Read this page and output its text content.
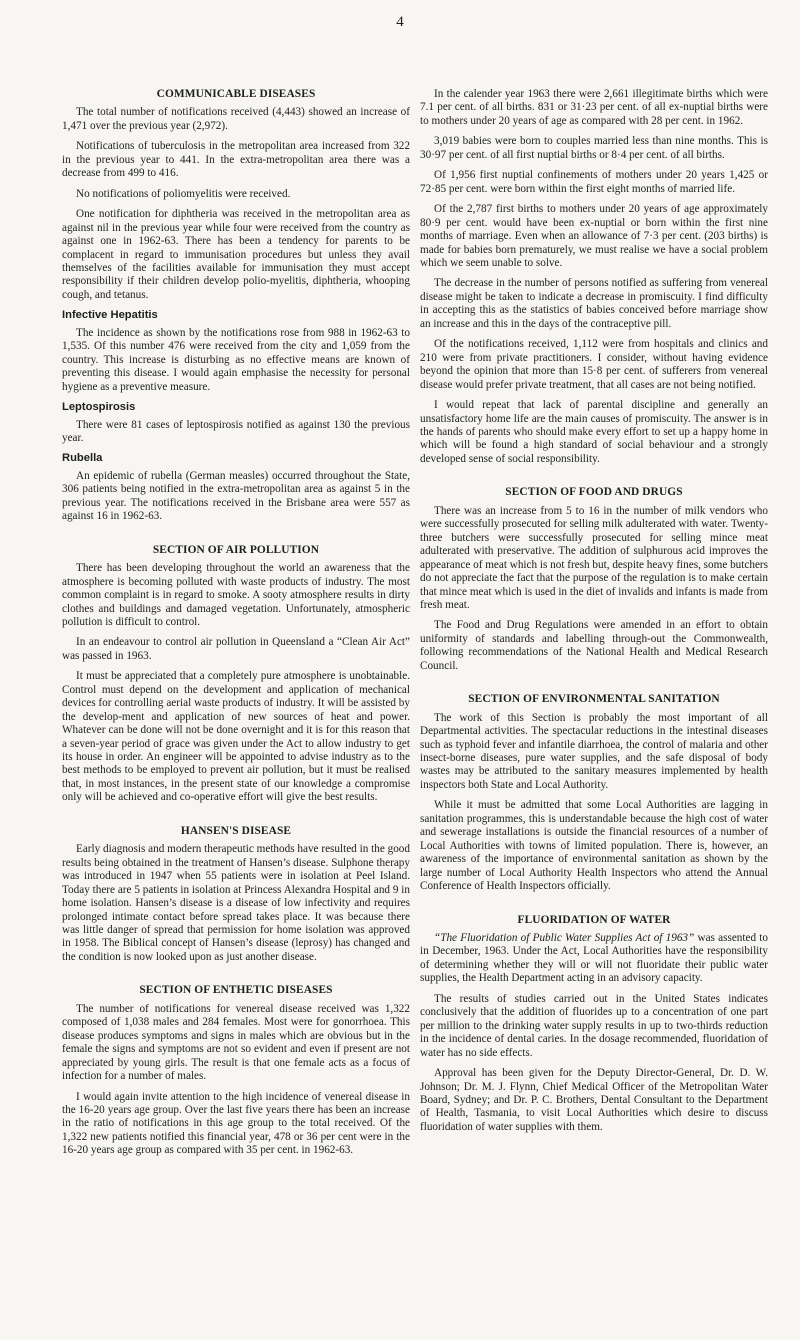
4
COMMUNICABLE DISEASES

The total number of notifications received (4,443) showed an increase of 1,471 over the previous year (2,972).

Notifications of tuberculosis in the metropolitan area increased from 322 in the previous year to 441. In the extra-metropolitan area there was a decrease from 499 to 416.

No notifications of poliomyelitis were received.

One notification for diphtheria was received in the metropolitan area as against nil in the previous year while four were received from the country as against one in 1962-63. There has been a tendency for parents to be complacent in regard to immunisation procedures but unless they avail themselves of the facilities available for immunisation they must accept responsibility if their children develop polio-myelitis, diphtheria, whooping cough, and tetanus.

Infective Hepatitis

The incidence as shown by the notifications rose from 988 in 1962-63 to 1,535. Of this number 476 were received from the city and 1,059 from the country. This increase is disturbing as no effective means are known of preventing this disease. I would again emphasise the necessity for personal hygiene as a preventive measure.

Leptospirosis

There were 81 cases of leptospirosis notified as against 130 the previous year.

Rubella

An epidemic of rubella (German measles) occurred throughout the State, 306 patients being notified in the extra-metropolitan area as against 5 in the previous year. The notifications received in the Brisbane area were 557 as against 16 in 1962-63.

SECTION OF AIR POLLUTION

There has been developing throughout the world an awareness that the atmosphere is becoming polluted with waste products of industry. The most common complaint is in regard to smoke. A sooty atmosphere results in dirty clothes and buildings and damaged vegetation. Unfortunately, atmospheric pollution is difficult to control.

In an endeavour to control air pollution in Queensland a “Clean Air Act” was passed in 1963.

It must be appreciated that a completely pure atmosphere is unobtainable. Control must depend on the development and application of mechanical devices for controlling aerial waste products of industry. It will be assisted by the develop-ment and application of new sources of heat and power. Whatever can be done will not be done overnight and it is for this reason that a seven-year period of grace was given under the Act to allow industry to get its house in order. An engineer will be appointed to advise industry as to the best methods to be employed to prevent air pollution, but it must be realised that, in most instances, in the present state of our knowledge a compromise only will be achieved and co-operative effort will give the best results.

HANSEN'S DISEASE

Early diagnosis and modern therapeutic methods have resulted in the good results being obtained in the treatment of Hansen’s disease. Sulphone therapy was introduced in 1947 when 55 patients were in isolation at Peel Island. Today there are 5 patients in isolation at Princess Alexandra Hospital and 9 in home isolation. Hansen’s disease is a disease of low infectivity and requires prolonged intimate contact before spread takes place. It was because there was little danger of spread that permission for home isolation was approved in 1958. The Biblical concept of Hansen’s disease (leprosy) has changed and the condition is now looked upon as just another disease.

SECTION OF ENTHETIC DISEASES

The number of notifications for venereal disease received was 1,322 composed of 1,038 males and 284 females. Most were for gonorrhoea. This disease produces symptoms and signs in males which are obvious but in the female the signs and symptoms are not so evident and even if present are not appreciated by young girls. The result is that one female acts as a focus of infection for a number of males.

I would again invite attention to the high incidence of venereal disease in the 16-20 years age group. Over the last five years there has been an increase in the ratio of notifications in this age group to the total received. Of the 1,322 new patients notified this financial year, 478 or 36 per cent were in the 16-20 years age group as compared with 35 per cent. in 1962-63.

In the calender year 1963 there were 2,661 illegitimate births which were 7.1 per cent. of all births. 831 or 31·23 per cent. of all ex-nuptial births were to mothers under 20 years of age as compared with 28 per cent. in 1962.

3,019 babies were born to couples married less than nine months. This is 30·97 per cent. of all first nuptial births or 8·4 per cent. of all births.

Of 1,956 first nuptial confinements of mothers under 20 years 1,425 or 72·85 per cent. were born within the first eight months of married life.

Of the 2,787 first births to mothers under 20 years of age approximately 80·9 per cent. would have been ex-nuptial or born within the first nine months of marriage. Even when an allowance of 7·3 per cent. (203 births) is made for babies born prematurely, we must realise we have a social problem which we seem unable to solve.

The decrease in the number of persons notified as suffering from venereal disease might be taken to indicate a decrease in promiscuity. I find difficulty in accepting this as the statistics of babies conceived before marriage show an increase and this in the days of the contraceptive pill.

Of the notifications received, 1,112 were from hospitals and clinics and 210 were from private practitioners. I consider, without having evidence beyond the opinion that more than 15·8 per cent. of sufferers from venereal disease would prefer private treatment, that all cases are not being notified.

I would repeat that lack of parental discipline and generally an unsatisfactory home life are the main causes of promiscuity. The answer is in the hands of parents who should make every effort to set up a happy home in which will be found a high standard of social behaviour and a strongly developed sense of social responsibility.

SECTION OF FOOD AND DRUGS

There was an increase from 5 to 16 in the number of milk vendors who were successfully prosecuted for selling milk adulterated with water. Twenty-three butchers were successfully prosecuted for selling mince meat adulterated with preservative. The addition of sulphurous acid improves the appearance of meat which is not fresh but, despite heavy fines, some butchers do not appreciate the fact that the purpose of the regulation is to make certain that mince meat which is used in the diet of invalids and infants is made from fresh meat.

The Food and Drug Regulations were amended in an effort to obtain uniformity of standards and labelling through-out the Commonwealth, following recommendations of the National Health and Medical Research Council.

SECTION OF ENVIRONMENTAL SANITATION

The work of this Section is probably the most important of all Departmental activities. The spectacular reductions in the intestinal diseases such as typhoid fever and infantile diarrhoea, the control of malaria and other insect-borne diseases, pure water supplies, and the safe disposal of body wastes may be attributed to the sanitary measures implemented by health inspectors both State and Local Authority.

While it must be admitted that some Local Authorities are lagging in sanitation programmes, this is understandable because the high cost of water and sewerage installations is outside the financial resources of a number of Local Authorities with towns of limited population. There is, however, an awareness of the importance of environmental sanitation as shown by the large number of Local Authority Health Inspectors who attend the Annual Conference of Health Inspectors officially.

FLUORIDATION OF WATER

“The Fluoridation of Public Water Supplies Act of 1963” was assented to in December, 1963. Under the Act, Local Authorities have the responsibility of determining whether they will or will not fluoridate their public water supplies, the Health Department acting in an advisory capacity.

The results of studies carried out in the United States indicates conclusively that the addition of fluorides up to a concentration of one part per million to the drinking water supply results in up to two-thirds reduction in the incidence of dental caries. In the dosage recommended, fluoridation of water has no side effects.

Approval has been given for the Deputy Director-General, Dr. D. W. Johnson; Dr. M. J. Flynn, Chief Medical Officer of the Metropolitan Water Board, Sydney; and Dr. P. C. Brothers, Dental Consultant to the Department of Health, Tasmania, to visit Local Authorities which desire to discuss fluoridation of water supplies with them.
